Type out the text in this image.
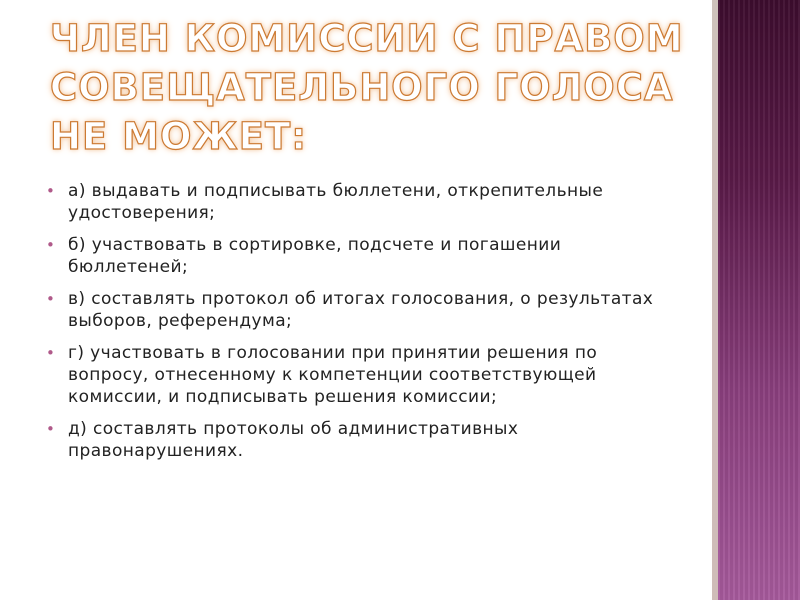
ЧЛЕН КОМИССИИ С ПРАВОМ СОВЕЩАТЕЛЬНОГО ГОЛОСА НЕ МОЖЕТ:
• а) выдавать и подписывать бюллетени, открепительные удостоверения;
• б) участвовать в сортировке, подсчете и погашении бюллетеней;
• в) составлять протокол об итогах голосования, о результатах выборов, референдума;
• г) участвовать в голосовании при принятии решения по вопросу, отнесенному к компетенции соответствующей комиссии, и подписывать решения комиссии;
• д) составлять протоколы об административных правонарушениях.
